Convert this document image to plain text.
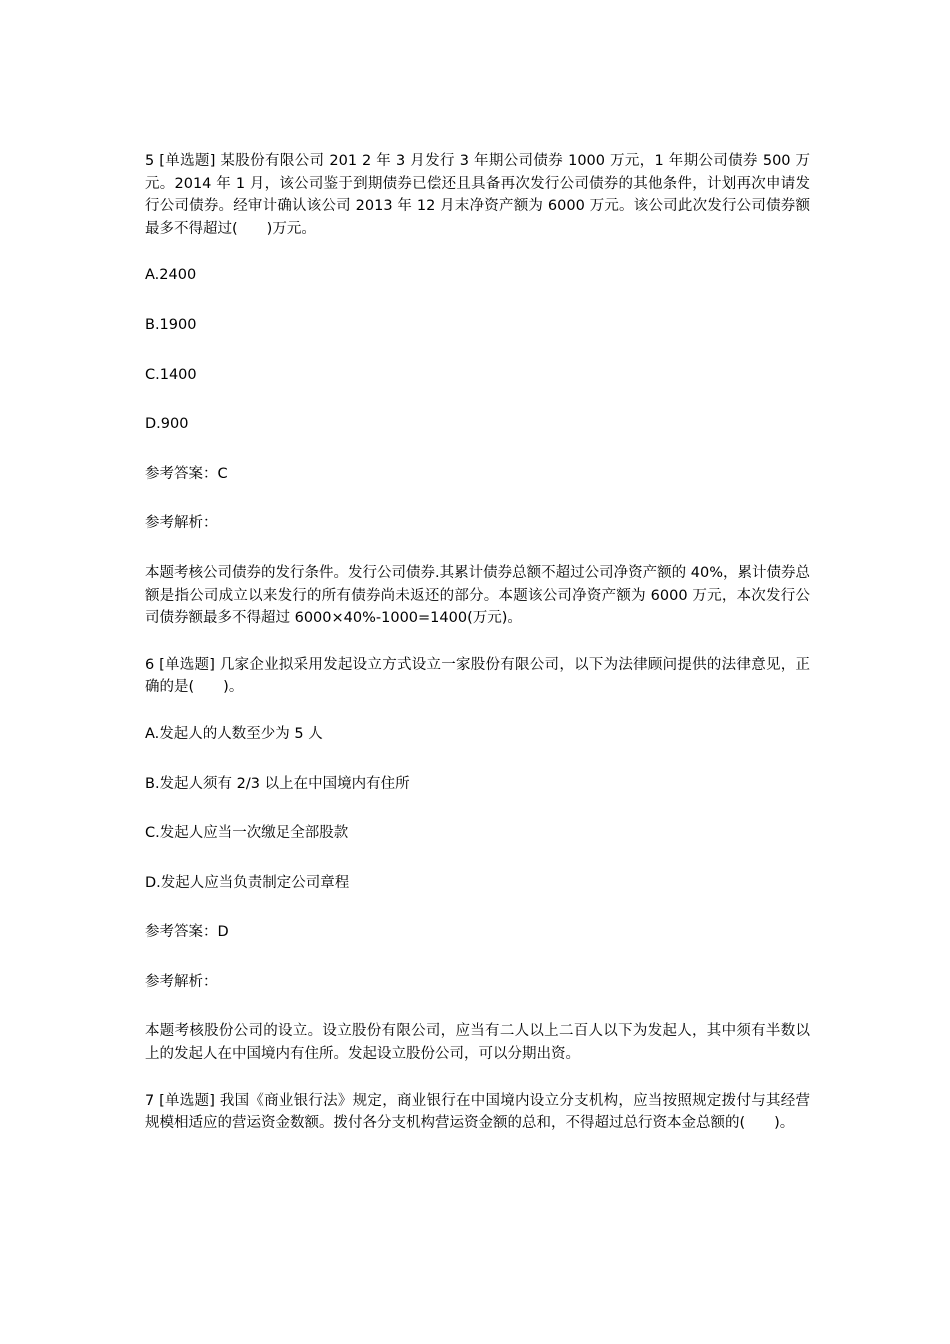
5 [单选题] 某股份有限公司 201 2 年 3 月发行 3 年期公司债券 1000 万元，1 年期公司债券 500 万元。2014 年 1 月，该公司鉴于到期债券已偿还且具备再次发行公司债券的其他条件，计划再次申请发行公司债券。经审计确认该公司 2013 年 12 月末净资产额为 6000 万元。该公司此次发行公司债券额最多不得超过(　　)万元。

A.2400

B.1900

C.1400

D.900

参考答案：C

参考解析：

本题考核公司债券的发行条件。发行公司债券.其累计债券总额不超过公司净资产额的 40%，累计债券总额是指公司成立以来发行的所有债券尚未返还的部分。本题该公司净资产额为 6000 万元，本次发行公司债券额最多不得超过 6000×40%-1000=1400(万元)。

6 [单选题] 几家企业拟采用发起设立方式设立一家股份有限公司，以下为法律顾问提供的法律意见，正确的是(　　)。

A.发起人的人数至少为 5 人

B.发起人须有 2/3 以上在中国境内有住所

C.发起人应当一次缴足全部股款

D.发起人应当负责制定公司章程

参考答案：D

参考解析：

本题考核股份公司的设立。设立股份有限公司，应当有二人以上二百人以下为发起人，其中须有半数以上的发起人在中国境内有住所。发起设立股份公司，可以分期出资。

7 [单选题] 我国《商业银行法》规定，商业银行在中国境内设立分支机构，应当按照规定拨付与其经营规模相适应的营运资金数额。拨付各分支机构营运资金额的总和，不得超过总行资本金总额的(　　)。
